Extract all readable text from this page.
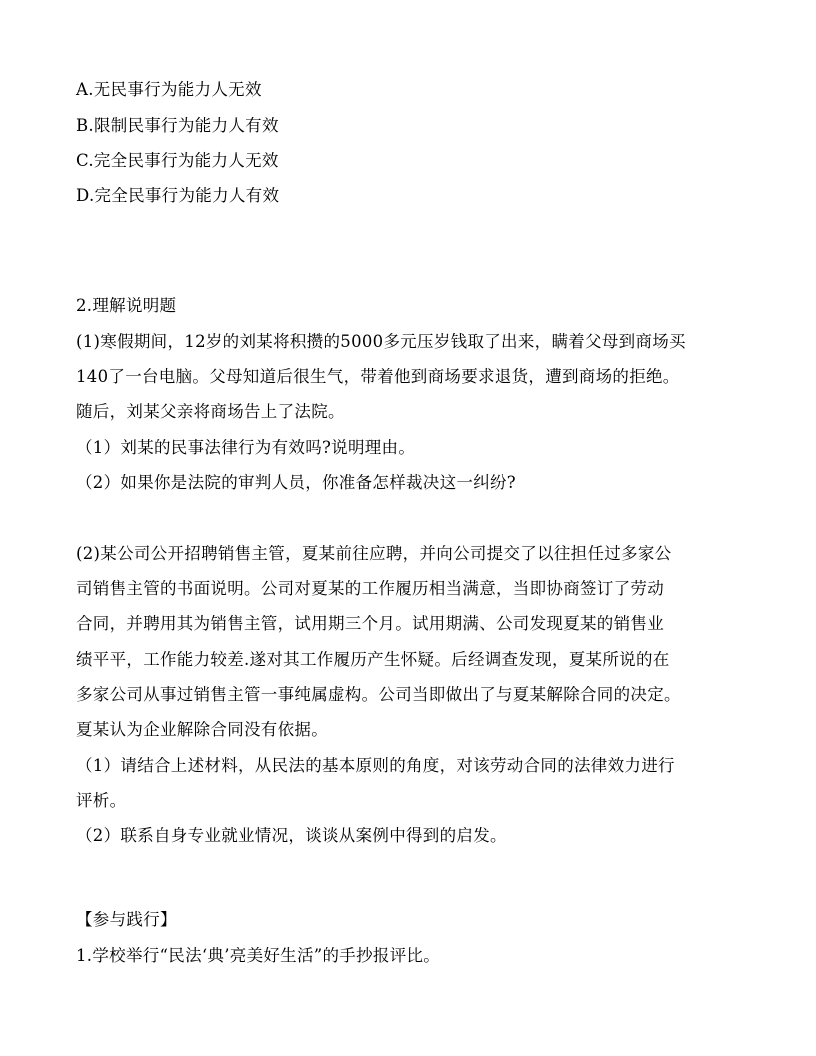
A.无民事行为能力人无效
B.限制民事行为能力人有效
C.完全民事行为能力人无效
D.完全民事行为能力人有效
2.理解说明题
(1)寒假期间，12岁的刘某将积攒的5000多元压岁钱取了出来，瞒着父母到商场买
140了一台电脑。父母知道后很生气，带着他到商场要求退货，遭到商场的拒绝。
随后，刘某父亲将商场告上了法院。
（1）刘某的民事法律行为有效吗?说明理由。
（2）如果你是法院的审判人员，你准备怎样裁决这一纠纷?
(2)某公司公开招聘销售主管，夏某前往应聘，并向公司提交了以往担任过多家公
司销售主管的书面说明。公司对夏某的工作履历相当满意，当即协商签订了劳动
合同，并聘用其为销售主管，试用期三个月。试用期满、公司发现夏某的销售业
绩平平，工作能力较差.遂对其工作履历产生怀疑。后经调查发现，夏某所说的在
多家公司从事过销售主管一事纯属虚构。公司当即做出了与夏某解除合同的决定。
夏某认为企业解除合同没有依据。
（1）请结合上述材料，从民法的基本原则的角度，对该劳动合同的法律效力进行
评析。
（2）联系自身专业就业情况，谈谈从案例中得到的启发。
【参与践行】
1.学校举行“民法‘典’亮美好生活”的手抄报评比。
